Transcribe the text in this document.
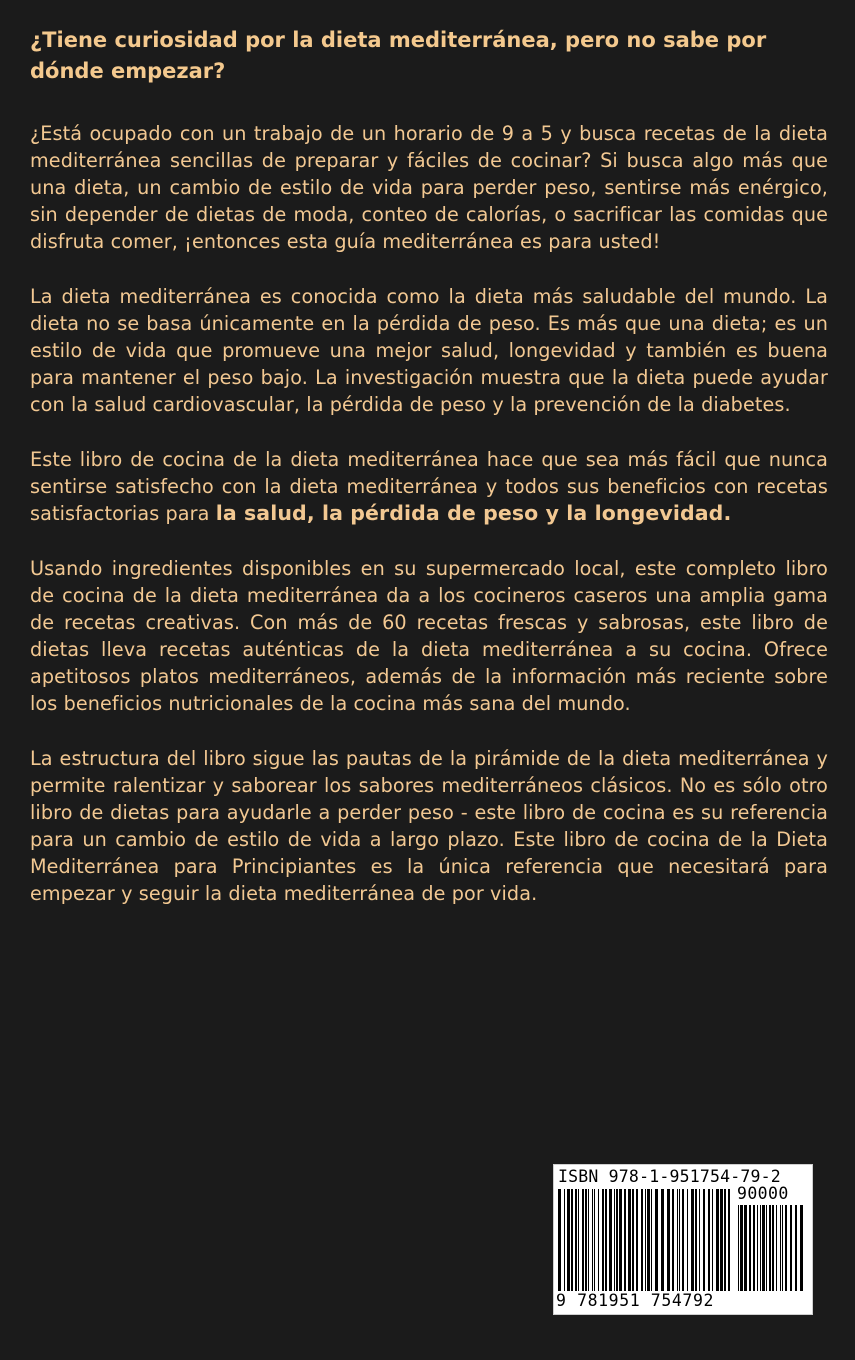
¿Tiene curiosidad por la dieta mediterránea, pero no sabe por dónde empezar?

¿Está ocupado con un trabajo de un horario de 9 a 5 y busca recetas de la dieta mediterránea sencillas de preparar y fáciles de cocinar? Si busca algo más que una dieta, un cambio de estilo de vida para perder peso, sentirse más enérgico, sin depender de dietas de moda, conteo de calorías, o sacrificar las comidas que disfruta comer, ¡entonces esta guía mediterránea es para usted!

La dieta mediterránea es conocida como la dieta más saludable del mundo. La dieta no se basa únicamente en la pérdida de peso. Es más que una dieta; es un estilo de vida que promueve una mejor salud, longevidad y también es buena para mantener el peso bajo. La investigación muestra que la dieta puede ayudar con la salud cardiovascular, la pérdida de peso y la prevención de la diabetes.

Este libro de cocina de la dieta mediterránea hace que sea más fácil que nunca sentirse satisfecho con la dieta mediterránea y todos sus beneficios con recetas satisfactorias para la salud, la pérdida de peso y la longevidad.

Usando ingredientes disponibles en su supermercado local, este completo libro de cocina de la dieta mediterránea da a los cocineros caseros una amplia gama de recetas creativas. Con más de 60 recetas frescas y sabrosas, este libro de dietas lleva recetas auténticas de la dieta mediterránea a su cocina. Ofrece apetitosos platos mediterráneos, además de la información más reciente sobre los beneficios nutricionales de la cocina más sana del mundo.

La estructura del libro sigue las pautas de la pirámide de la dieta mediterránea y permite ralentizar y saborear los sabores mediterráneos clásicos. No es sólo otro libro de dietas para ayudarle a perder peso - este libro de cocina es su referencia para un cambio de estilo de vida a largo plazo. Este libro de cocina de la Dieta Mediterránea para Principiantes es la única referencia que necesitará para empezar y seguir la dieta mediterránea de por vida.

ISBN 978-1-951754-79-2
90000
9 781951 754792
